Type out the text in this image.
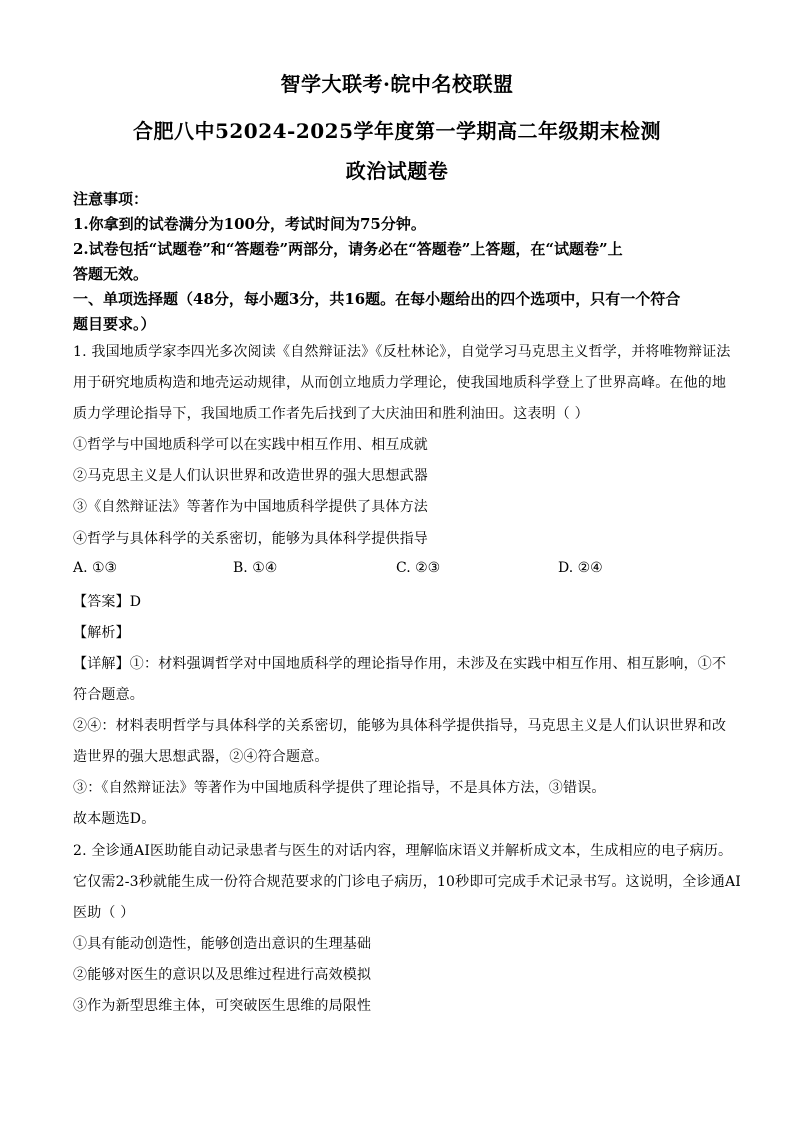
智学大联考·皖中名校联盟
合肥八中52024-2025学年度第一学期高二年级期末检测
政治试题卷
注意事项：
1.你拿到的试卷满分为100分，考试时间为75分钟。
2.试卷包括“试题卷”和“答题卷”两部分，请务必在“答题卷”上答题，在“试题卷”上
答题无效。
一、单项选择题（48分，每小题3分，共16题。在每小题给出的四个选项中，只有一个符合
题目要求。）
1. 我国地质学家李四光多次阅读《自然辩证法》《反杜林论》，自觉学习马克思主义哲学，并将唯物辩证法
用于研究地质构造和地壳运动规律，从而创立地质力学理论，使我国地质科学登上了世界高峰。在他的地
质力学理论指导下，我国地质工作者先后找到了大庆油田和胜利油田。这表明（ ）
①哲学与中国地质科学可以在实践中相互作用、相互成就
②马克思主义是人们认识世界和改造世界的强大思想武器
③《自然辩证法》等著作为中国地质科学提供了具体方法
④哲学与具体科学的关系密切，能够为具体科学提供指导
A. ①③	B. ①④	C. ②③	D. ②④
【答案】D
【解析】
【详解】①：材料强调哲学对中国地质科学的理论指导作用，未涉及在实践中相互作用、相互影响，①不
符合题意。
②④：材料表明哲学与具体科学的关系密切，能够为具体科学提供指导，马克思主义是人们认识世界和改
造世界的强大思想武器，②④符合题意。
③：《自然辩证法》等著作为中国地质科学提供了理论指导，不是具体方法，③错误。
故本题选D。
2. 全诊通AI医助能自动记录患者与医生的对话内容，理解临床语义并解析成文本，生成相应的电子病历。
它仅需2-3秒就能生成一份符合规范要求的门诊电子病历，10秒即可完成手术记录书写。这说明，全诊通AI
医助（ ）
①具有能动创造性，能够创造出意识的生理基础
②能够对医生的意识以及思维过程进行高效模拟
③作为新型思维主体，可突破医生思维的局限性
